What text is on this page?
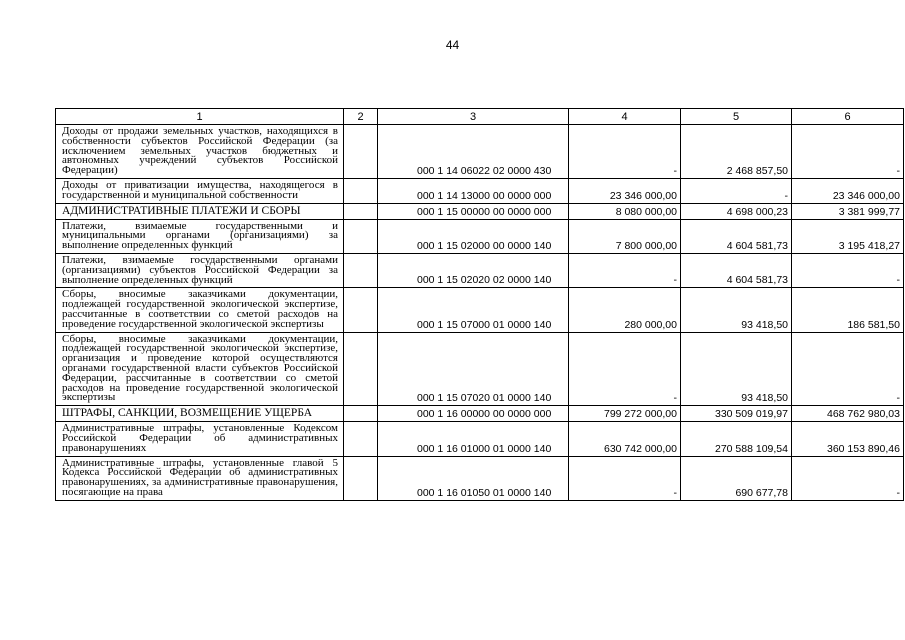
44
1	2	3	4	5	6
Доходы от продажи земельных участков, находящихся в собственности субъектов Российской Федерации (за исключением земельных участков бюджетных и автономных учреждений субъектов Российской Федерации)		000 1 14 06022 02 0000 430	-	2 468 857,50	-
Доходы от приватизации имущества, находящегося в государственной и муниципальной собственности		000 1 14 13000 00 0000 000	23 346 000,00	-	23 346 000,00
АДМИНИСТРАТИВНЫЕ ПЛАТЕЖИ И СБОРЫ		000 1 15 00000 00 0000 000	8 080 000,00	4 698 000,23	3 381 999,77
Платежи, взимаемые государственными и муниципальными органами (организациями) за выполнение определенных функций		000 1 15 02000 00 0000 140	7 800 000,00	4 604 581,73	3 195 418,27
Платежи, взимаемые государственными органами (организациями) субъектов Российской Федерации за выполнение определенных функций		000 1 15 02020 02 0000 140	-	4 604 581,73	-
Сборы, вносимые заказчиками документации, подлежащей государственной экологической экспертизе, рассчитанные в соответствии со сметой расходов на проведение государственной экологической экспертизы		000 1 15 07000 01 0000 140	280 000,00	93 418,50	186 581,50
Сборы, вносимые заказчиками документации, подлежащей государственной экологической экспертизе, организация и проведение которой осуществляются органами государственной власти субъектов Российской Федерации, рассчитанные в соответствии со сметой расходов на проведение государственной экологической экспертизы		000 1 15 07020 01 0000 140	-	93 418,50	-
ШТРАФЫ, САНКЦИИ, ВОЗМЕЩЕНИЕ УЩЕРБА		000 1 16 00000 00 0000 000	799 272 000,00	330 509 019,97	468 762 980,03
Административные штрафы, установленные Кодексом Российской Федерации об административных правонарушениях		000 1 16 01000 01 0000 140	630 742 000,00	270 588 109,54	360 153 890,46

Административные штрафы, установленные главой 5 Кодекса Российской Федерации об административных правонарушениях, за административные правонарушения, посягающие на права		000 1 16 01050 01 0000 140	-	690 677,78	-
